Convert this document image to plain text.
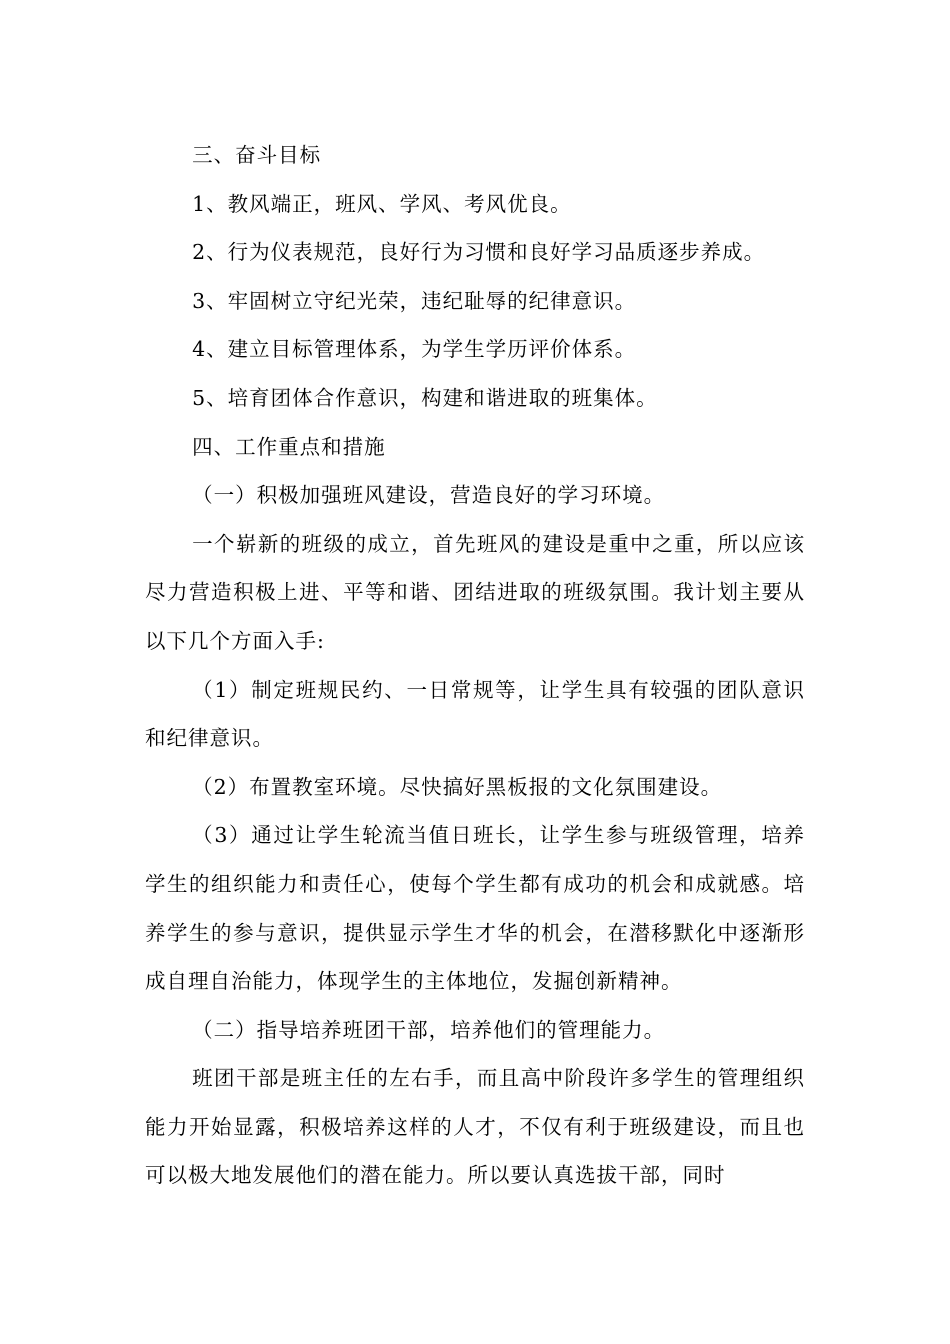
三、奋斗目标

1、教风端正，班风、学风、考风优良。

2、行为仪表规范，良好行为习惯和良好学习品质逐步养成。

3、牢固树立守纪光荣，违纪耻辱的纪律意识。

4、建立目标管理体系，为学生学历评价体系。

5、培育团体合作意识，构建和谐进取的班集体。

四、工作重点和措施

（一）积极加强班风建设，营造良好的学习环境。

一个崭新的班级的成立，首先班风的建设是重中之重，所以应该尽力营造积极上进、平等和谐、团结进取的班级氛围。我计划主要从以下几个方面入手:

（1）制定班规民约、一日常规等，让学生具有较强的团队意识和纪律意识。

（2）布置教室环境。尽快搞好黑板报的文化氛围建设。

（3）通过让学生轮流当值日班长，让学生参与班级管理，培养学生的组织能力和责任心，使每个学生都有成功的机会和成就感。培养学生的参与意识，提供显示学生才华的机会，在潜移默化中逐渐形成自理自治能力，体现学生的主体地位，发掘创新精神。

（二）指导培养班团干部，培养他们的管理能力。

班团干部是班主任的左右手，而且高中阶段许多学生的管理组织能力开始显露，积极培养这样的人才，不仅有利于班级建设，而且也可以极大地发展他们的潜在能力。所以要认真选拔干部，同时
